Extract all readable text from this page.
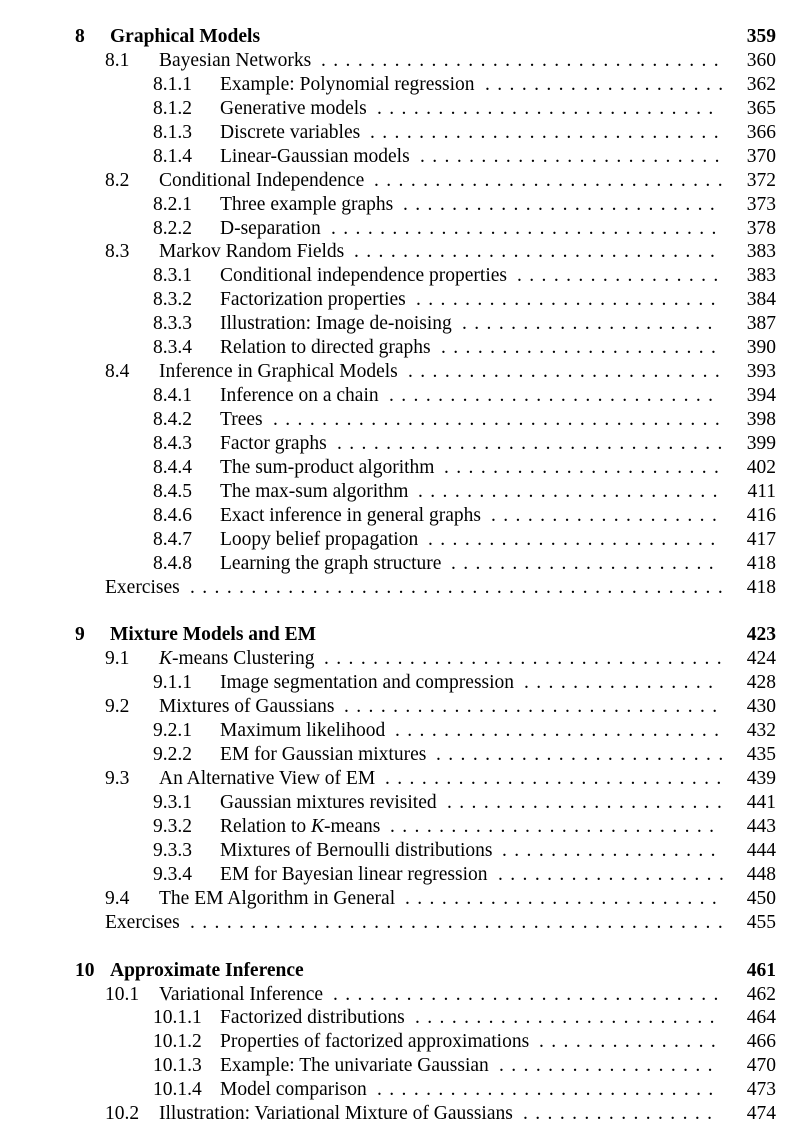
8 Graphical Models	359
8.1 Bayesian Networks .................................	360
8.1.1 Example: Polynomial regression .................... 362
8.1.2 Generative models ............................	365
8.1.3 Discrete variables .............................	366
8.1.4 Linear-Gaussian models ......................... 370
8.2 Conditional Independence ............................. 372
8.2.1 Three example graphs ..........................	373
8.2.2 D-separation ................................	378
8.3 Markov Random Fields ..............................	383
8.3.1 Conditional independence properties .................	383
8.3.2 Factorization properties .........................	384
8.3.3 Illustration: Image de-noising .....................	387
8.3.4 Relation to directed graphs .......................	390
8.4 Inference in Graphical Models .......................... 393
8.4.1 Inference on a chain ...........................	394
8.4.2 Trees ..................................... 398
8.4.3 Factor graphs ................................ 399
8.4.4 The sum-product algorithm ....................... 402
8.4.5 The max-sum algorithm .........................	411
8.4.6 Exact inference in general graphs ...................	416
8.4.7 Loopy belief propagation ........................	417
8.4.8 Learning the graph structure ......................	418
Exercises ............................................ 418
9 Mixture Models and EM	423
9.1 K-means Clustering ................................. 424
9.1.1 Image segmentation and compression ................	428
9.2 Mixtures of Gaussians ...............................	430
9.2.1 Maximum likelihood ........................... 432
9.2.2 EM for Gaussian mixtures ........................ 435
9.3 An Alternative View of EM ............................ 439
9.3.1 Gaussian mixtures revisited ....................... 441
9.3.2 Relation to K-means ...........................	443
9.3.3 Mixtures of Bernoulli distributions ..................	444
9.3.4 EM for Bayesian linear regression ................... 448
9.4 The EM Algorithm in General ..........................	450
Exercises ............................................ 455
10 Approximate Inference	461
10.1 Variational Inference ................................	462
10.1.1 Factorized distributions .........................	464
10.1.2 Properties of factorized approximations ...............	466
10.1.3 Example: The univariate Gaussian ..................	470
10.1.4 Model comparison ............................	473
10.2 Illustration: Variational Mixture of Gaussians ................	474
